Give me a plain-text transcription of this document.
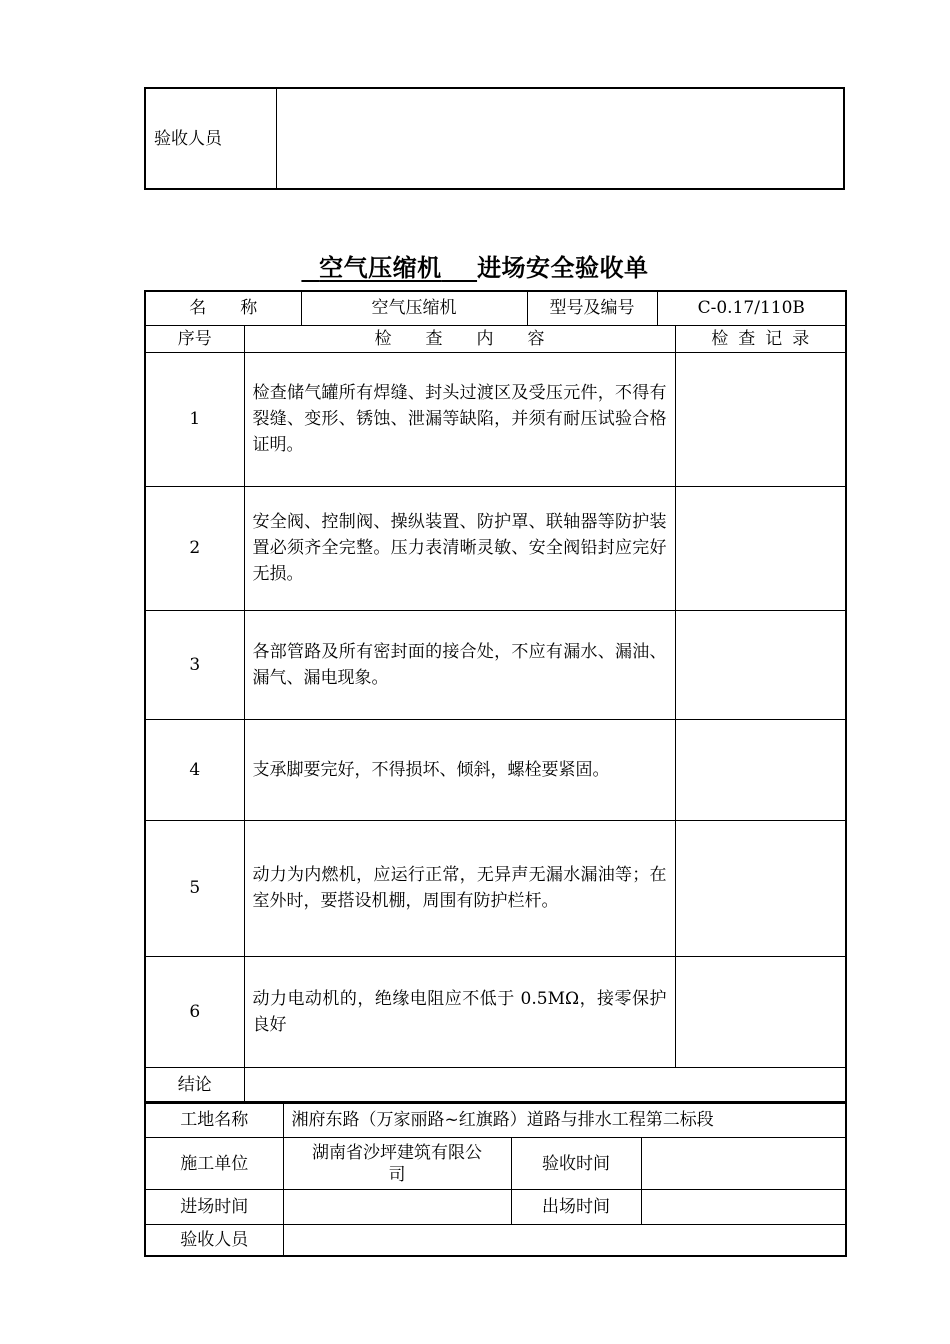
验收人员	
空气压缩机 进场安全验收单
名　　称		空气压缩机	型号及编号	C-0.17/110B	
序号	检查内容				检查记录
1	检查储气罐所有焊缝、封头过渡区及受压元件，不得有裂缝、变形、锈蚀、泄漏等缺陷，并须有耐压试验合格证明。				
2	安全阀、控制阀、操纵装置、防护罩、联轴器等防护装置必须齐全完整。压力表清晰灵敏、安全阀铅封应完好无损。				
3	各部管路及所有密封面的接合处，不应有漏水、漏油、漏气、漏电现象。				
4	支承脚要完好，不得损坏、倾斜，螺栓要紧固。				
5	动力为内燃机，应运行正常，无异声无漏水漏油等；在室外时，要搭设机棚，周围有防护栏杆。				
6	动力电动机的，绝缘电阻应不低于 0.5MΩ，接零保护良好				
结论					
工地名称	湘府东路（万家丽路~红旗路）道路与排水工程第二标段		
施工单位	湖南省沙坪建筑有限公司	验收时间	
进场时间		出场时间	
验收人员			
